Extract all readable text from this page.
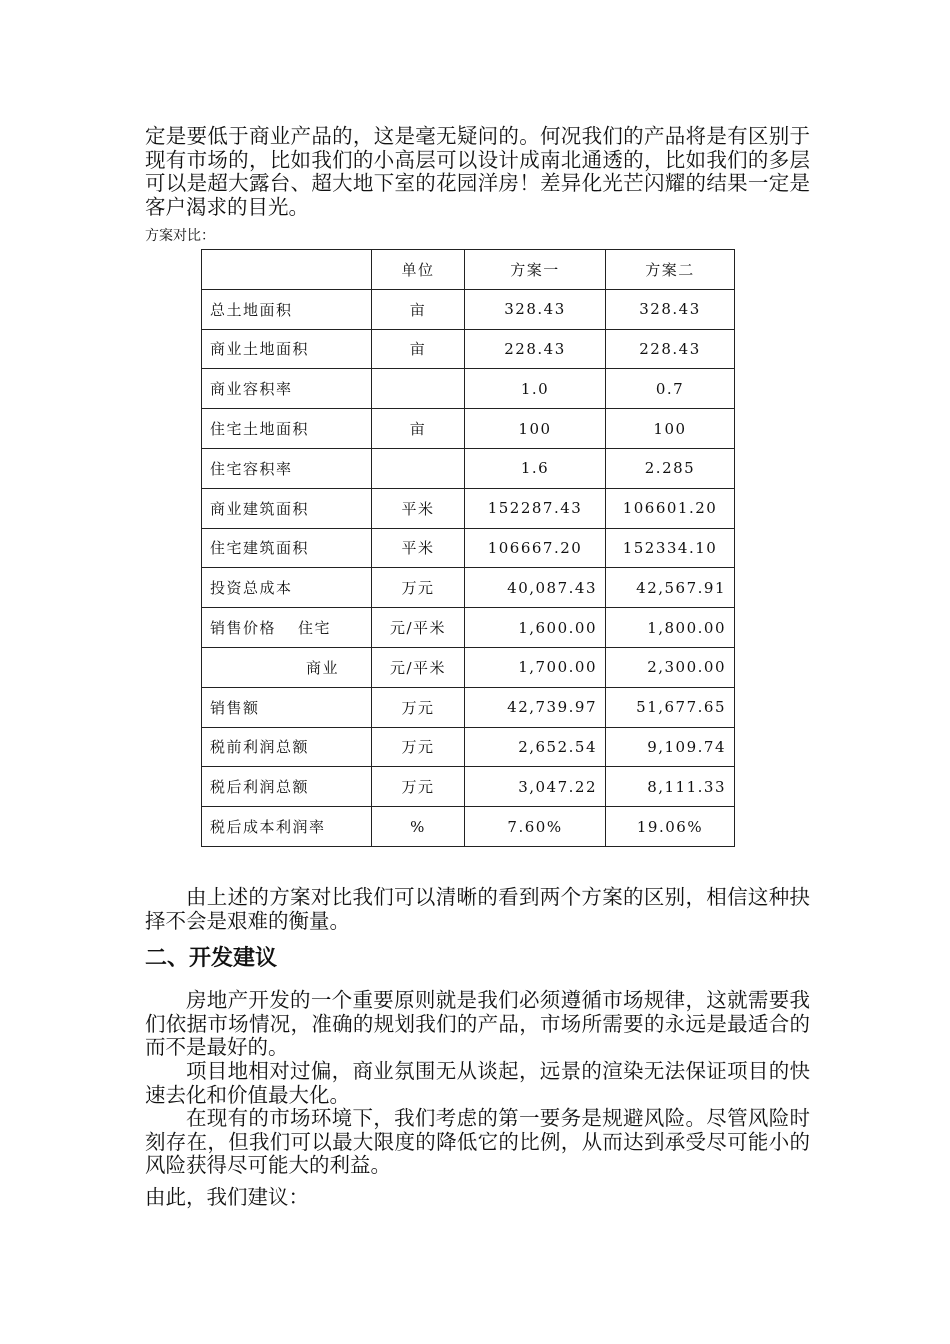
定是要低于商业产品的，这是毫无疑问的。何况我们的产品将是有区别于现有市场的，比如我们的小高层可以设计成南北通透的，比如我们的多层可以是超大露台、超大地下室的花园洋房！差异化光芒闪耀的结果一定是客户渴求的目光。

方案对比：

	单位	方案一	方案二
总土地面积	亩	328.43	328.43
商业土地面积	亩	228.43	228.43
商业容积率		1.0	0.7
住宅土地面积	亩	100	100
住宅容积率		1.6	2.285
商业建筑面积	平米	152287.43	106601.20
住宅建筑面积	平米	106667.20	152334.10
投资总成本	万元	40,087.43	42,567.91
销售价格 住宅	元/平米	1,600.00	1,800.00
商业	元/平米	1,700.00	2,300.00
销售额	万元	42,739.97	51,677.65
税前利润总额	万元	2,652.54	9,109.74
税后利润总额	万元	3,047.22	8,111.33
税后成本利润率	%	7.60%	19.06%

由上述的方案对比我们可以清晰的看到两个方案的区别，相信这种抉择不会是艰难的衡量。

二、开发建议

房地产开发的一个重要原则就是我们必须遵循市场规律，这就需要我们依据市场情况，准确的规划我们的产品，市场所需要的永远是最适合的而不是最好的。

项目地相对过偏，商业氛围无从谈起，远景的渲染无法保证项目的快速去化和价值最大化。

在现有的市场环境下，我们考虑的第一要务是规避风险。尽管风险时刻存在，但我们可以最大限度的降低它的比例，从而达到承受尽可能小的风险获得尽可能大的利益。

由此，我们建议：
